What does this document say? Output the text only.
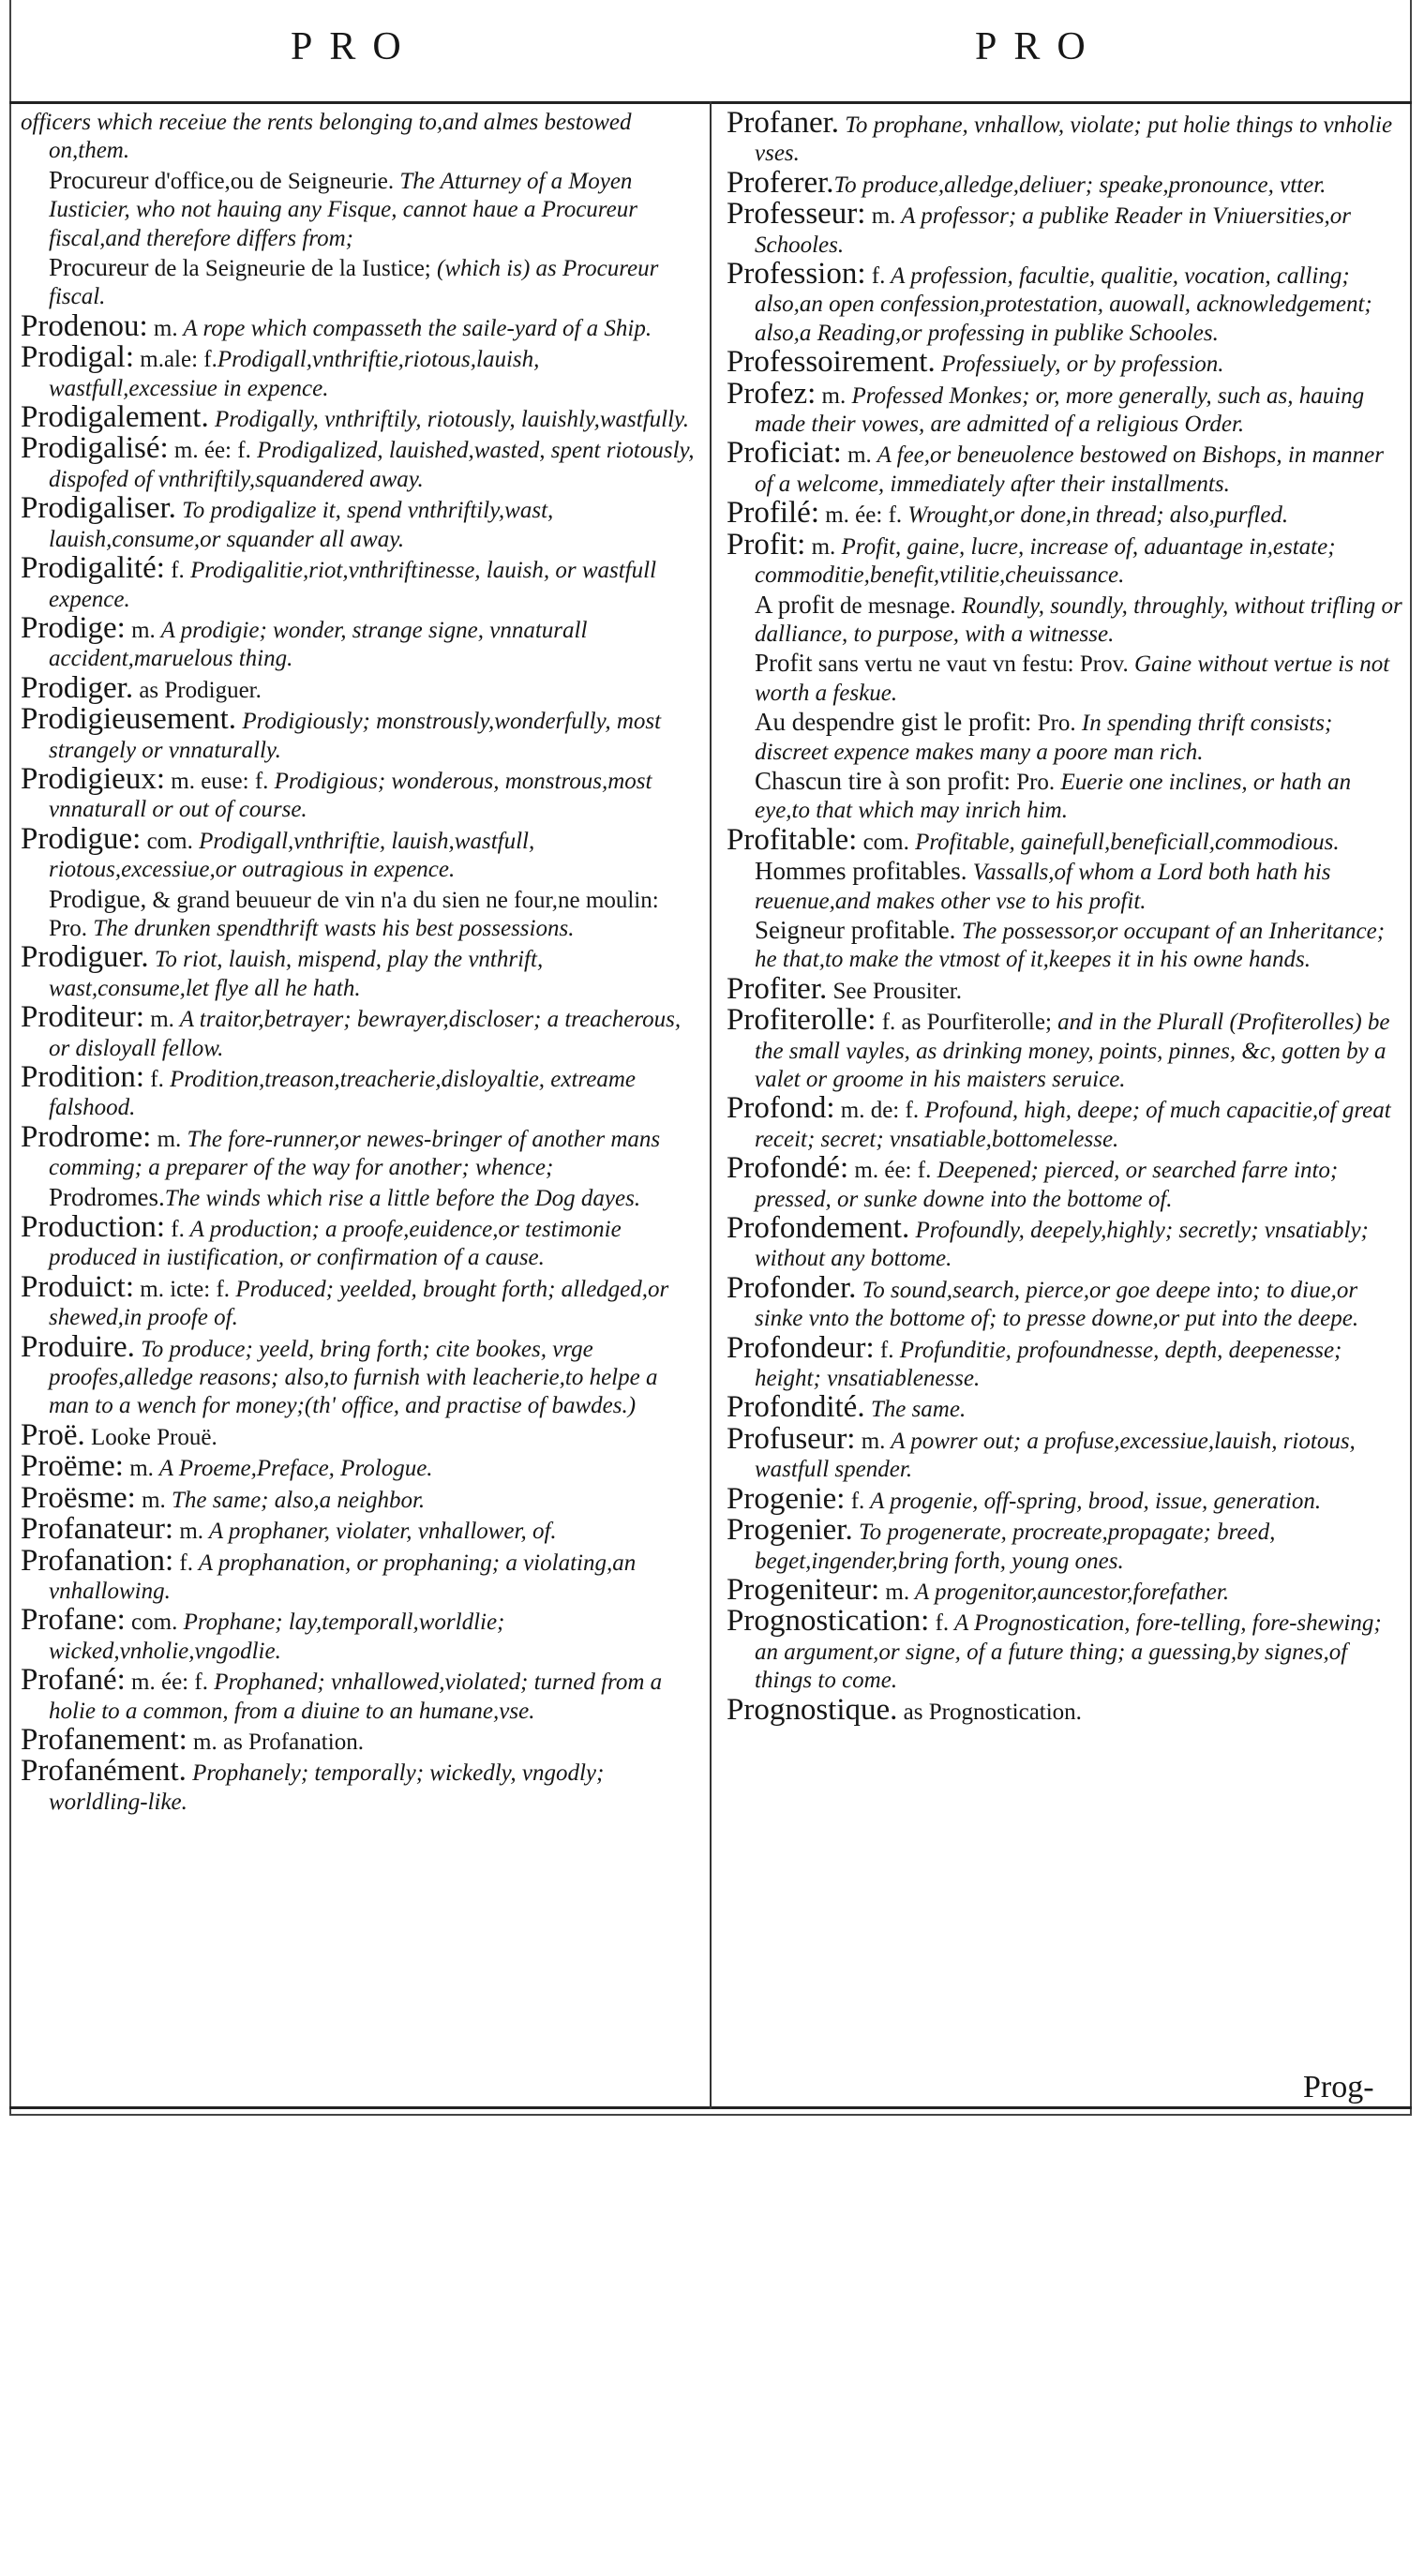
PRO	PRO

officers which receiue the rents belonging to,and almes bestowed on,them.

Procureur d'office,ou de Seigneurie. The Atturney of a Moyen Iusticier, who not hauing any Fisque, cannot haue a Procureur fiscal,and therefore differs from;

Procureur de la Seigneurie de la Iustice; (which is) as Procureur fiscal.

Prodenou: m. A rope which compasseth the saile-yard of a Ship.

Prodigal: m.ale: f.Prodigall,vnthriftie,riotous,lauish, wastfull,excessiue in expence.

Prodigalement. Prodigally, vnthriftily, riotously, lauishly,wastfully.

Prodigalisé: m. ée: f. Prodigalized, lauished,wasted, spent riotously, dispofed of vnthriftily,squandered away.

Prodigaliser. To prodigalize it, spend vnthriftily,wast, lauish,consume,or squander all away.

Prodigalité: f. Prodigalitie,riot,vnthriftinesse, lauish, or wastfull expence.

Prodige: m. A prodigie; wonder, strange signe, vnnaturall accident,maruelous thing.

Prodiger. as Prodiguer.

Prodigieusement. Prodigiously; monstrously,wonderfully, most strangely or vnnaturally.

Prodigieux: m. euse: f. Prodigious; wonderous, monstrous,most vnnaturall or out of course.

Prodigue: com. Prodigall,vnthriftie, lauish,wastfull, riotous,excessiue,or outragious in expence.

Prodigue, & grand beuueur de vin n'a du sien ne four,ne moulin: Pro. The drunken spendthrift wasts his best possessions.

Prodiguer. To riot, lauish, mispend, play the vnthrift, wast,consume,let flye all he hath.

Proditeur: m. A traitor,betrayer; bewrayer,discloser; a treacherous, or disloyall fellow.

Prodition: f. Prodition,treason,treacherie,disloyaltie, extreame falshood.

Prodrome: m. The fore-runner,or newes-bringer of another mans comming; a preparer of the way for another; whence;

Prodromes.The winds which rise a little before the Dog dayes.

Production: f. A production; a proofe,euidence,or testimonie produced in iustification, or confirmation of a cause.

Produict: m. icte: f. Produced; yeelded, brought forth; alledged,or shewed,in proofe of.

Produire. To produce; yeeld, bring forth; cite bookes, vrge proofes,alledge reasons; also,to furnish with leacherie,to helpe a man to a wench for money;(th' office, and practise of bawdes.)

Proë. Looke Prouë.

Proëme: m. A Proeme,Preface, Prologue.

Proësme: m. The same; also,a neighbor.

Profanateur: m. A prophaner, violater, vnhallower, of.

Profanation: f. A prophanation, or prophaning; a violating,an vnhallowing.

Profane: com. Prophane; lay,temporall,worldlie; wicked,vnholie,vngodlie.

Profané: m. ée: f. Prophaned; vnhallowed,violated; turned from a holie to a common, from a diuine to an humane,vse.

Profanement: m. as Profanation.

Profanément. Prophanely; temporally; wickedly, vngodly; worldling-like.

Profaner. To prophane, vnhallow, violate; put holie things to vnholie vses.

Proferer.To produce,alledge,deliuer; speake,pronounce, vtter.

Professeur: m. A professor; a publike Reader in Vniuersities,or Schooles.

Profession: f. A profession, facultie, qualitie, vocation, calling; also,an open confession,protestation, auowall, acknowledgement; also,a Reading,or professing in publike Schooles.

Professoirement. Professiuely, or by profession.

Profez: m. Professed Monkes; or, more generally, such as, hauing made their vowes, are admitted of a religious Order.

Proficiat: m. A fee,or beneuolence bestowed on Bishops, in manner of a welcome, immediately after their installments.

Profilé: m. ée: f. Wrought,or done,in thread; also,purfled.

Profit: m. Profit, gaine, lucre, increase of, aduantage in,estate; commoditie,benefit,vtilitie,cheuissance.

A profit de mesnage. Roundly, soundly, throughly, without trifling or dalliance, to purpose, with a witnesse.

Profit sans vertu ne vaut vn festu: Prov. Gaine without vertue is not worth a feskue.

Au despendre gist le profit: Pro. In spending thrift consists; discreet expence makes many a poore man rich.

Chascun tire à son profit: Pro. Euerie one inclines, or hath an eye,to that which may inrich him.

Profitable: com. Profitable, gainefull,beneficiall,commodious.

Hommes profitables. Vassalls,of whom a Lord both hath his reuenue,and makes other vse to his profit.

Seigneur profitable. The possessor,or occupant of an Inheritance; he that,to make the vtmost of it,keepes it in his owne hands.

Profiter. See Prousiter.

Profiterolle: f. as Pourfiterolle; and in the Plurall (Profiterolles) be the small vayles, as drinking money, points, pinnes, &c, gotten by a valet or groome in his maisters seruice.

Profond: m. de: f. Profound, high, deepe; of much capacitie,of great receit; secret; vnsatiable,bottomelesse.

Profondé: m. ée: f. Deepened; pierced, or searched farre into; pressed, or sunke downe into the bottome of.

Profondement. Profoundly, deepely,highly; secretly; vnsatiably; without any bottome.

Profonder. To sound,search, pierce,or goe deepe into; to diue,or sinke vnto the bottome of; to presse downe,or put into the deepe.

Profondeur: f. Profunditie, profoundnesse, depth, deepenesse; height; vnsatiablenesse.

Profondité. The same.

Profuseur: m. A powrer out; a profuse,excessiue,lauish, riotous, wastfull spender.

Progenie: f. A progenie, off-spring, brood, issue, generation.

Progenier. To progenerate, procreate,propagate; breed, beget,ingender,bring forth, young ones.

Progeniteur: m. A progenitor,auncestor,forefather.

Prognostication: f. A Prognostication, fore-telling, fore-shewing; an argument,or signe, of a future thing; a guessing,by signes,of things to come.

Prognostique. as Prognostication.

Prog-
